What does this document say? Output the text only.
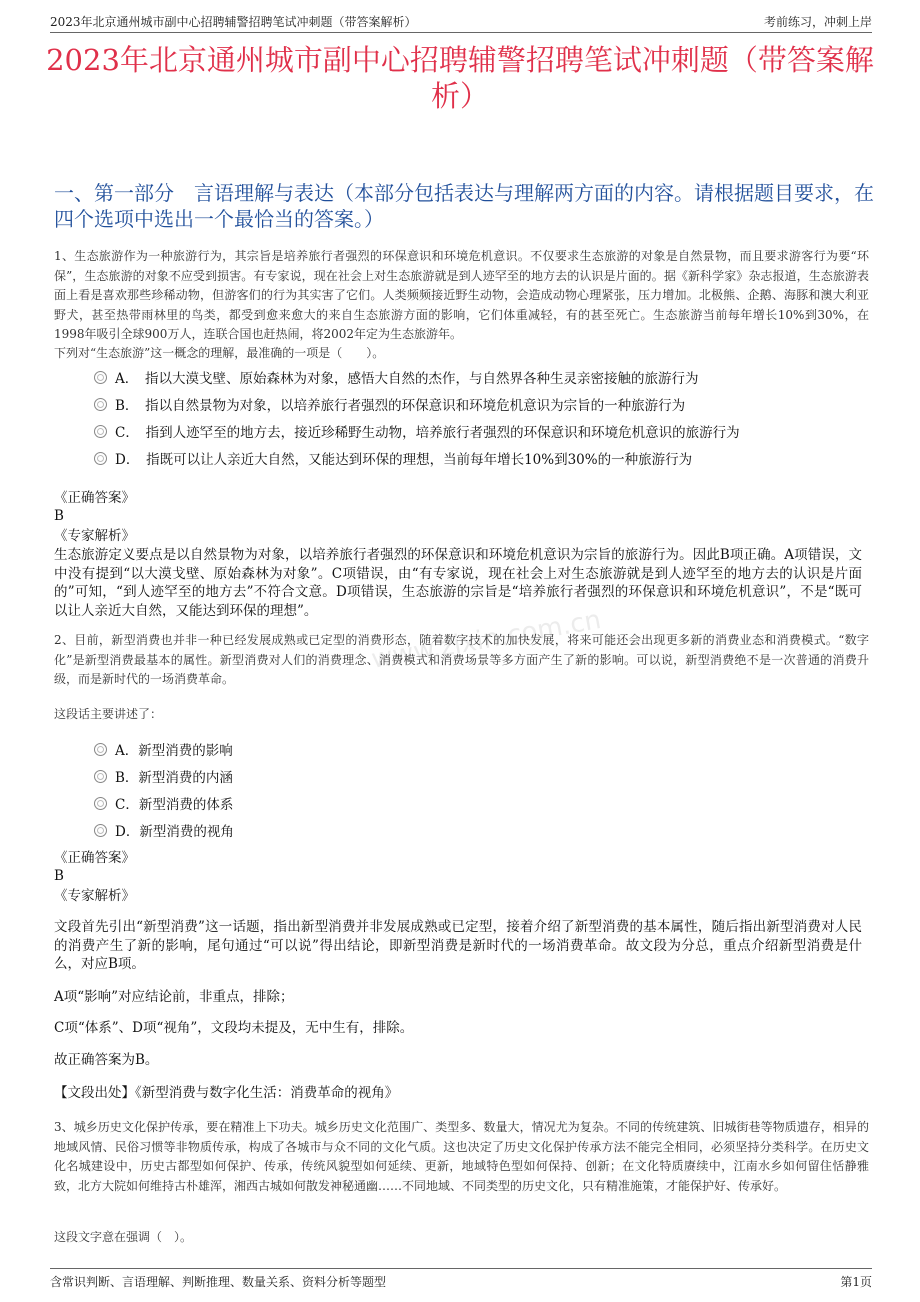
2023年北京通州城市副中心招聘辅警招聘笔试冲刺题（带答案解析）	考前练习，冲刺上岸
2023年北京通州城市副中心招聘辅警招聘笔试冲刺题（带答案解析）
一、第一部分　言语理解与表达（本部分包括表达与理解两方面的内容。请根据题目要求，在四个选项中选出一个最恰当的答案。）
1、生态旅游作为一种旅游行为，其宗旨是培养旅行者强烈的环保意识和环境危机意识。不仅要求生态旅游的对象是自然景物，而且要求游客行为要“环保”，生态旅游的对象不应受到损害。有专家说，现在社会上对生态旅游就是到人迹罕至的地方去的认识是片面的。据《新科学家》杂志报道，生态旅游表面上看是喜欢那些珍稀动物，但游客们的行为其实害了它们。人类频频接近野生动物，会造成动物心理紧张，压力增加。北极熊、企鹅、海豚和澳大利亚野犬，甚至热带雨林里的鸟类，都受到愈来愈大的来自生态旅游方面的影响，它们体重减轻，有的甚至死亡。生态旅游当前每年增长10%到30%，在1998年吸引全球900万人，连联合国也赶热闹，将2002年定为生态旅游年。
下列对“生态旅游”这一概念的理解，最准确的一项是（　　）。
A．　指以大漠戈壁、原始森林为对象，感悟大自然的杰作，与自然界各种生灵亲密接触的旅游行为
B．　指以自然景物为对象，以培养旅行者强烈的环保意识和环境危机意识为宗旨的一种旅游行为
C．　指到人迹罕至的地方去，接近珍稀野生动物，培养旅行者强烈的环保意识和环境危机意识的旅游行为
D．　指既可以让人亲近大自然，又能达到环保的理想，当前每年增长10%到30%的一种旅游行为
《正确答案》
B
《专家解析》
生态旅游定义要点是以自然景物为对象，以培养旅行者强烈的环保意识和环境危机意识为宗旨的旅游行为。因此B项正确。A项错误，文中没有提到“以大漠戈壁、原始森林为对象”。C项错误，由“有专家说，现在社会上对生态旅游就是到人迹罕至的地方去的认识是片面的”可知，“到人迹罕至的地方去”不符合文意。D项错误，生态旅游的宗旨是“培养旅行者强烈的环保意识和环境危机意识”，不是“既可以让人亲近大自然，又能达到环保的理想”。	www.zixin.com.cn
2、目前，新型消费也并非一种已经发展成熟或已定型的消费形态，随着数字技术的加快发展，将来可能还会出现更多新的消费业态和消费模式。“数字化”是新型消费最基本的属性。新型消费对人们的消费理念、消费模式和消费场景等多方面产生了新的影响。可以说，新型消费绝不是一次普通的消费升级，而是新时代的一场消费革命。
这段话主要讲述了：
A．新型消费的影响
B．新型消费的内涵
C．新型消费的体系
D．新型消费的视角
《正确答案》
B
《专家解析》
文段首先引出“新型消费”这一话题，指出新型消费并非发展成熟或已定型，接着介绍了新型消费的基本属性，随后指出新型消费对人民的消费产生了新的影响，尾句通过“可以说”得出结论，即新型消费是新时代的一场消费革命。故文段为分总，重点介绍新型消费是什么，对应B项。
A项“影响”对应结论前，非重点，排除；
C项“体系”、D项“视角”，文段均未提及，无中生有，排除。
故正确答案为B。
【文段出处】《新型消费与数字化生活：消费革命的视角》
3、城乡历史文化保护传承，要在精准上下功夫。城乡历史文化范围广、类型多、数量大，情况尤为复杂。不同的传统建筑、旧城街巷等物质遗存，相异的地域风情、民俗习惯等非物质传承，构成了各城市与众不同的文化气质。这也决定了历史文化保护传承方法不能完全相同，必须坚持分类科学。在历史文化名城建设中，历史古都型如何保护、传承，传统风貌型如何延续、更新，地域特色型如何保持、创新；在文化特质赓续中，江南水乡如何留住恬静雅致，北方大院如何维持古朴雄浑，湘西古城如何散发神秘通幽……不同地域、不同类型的历史文化，只有精准施策，才能保护好、传承好。
这段文字意在强调（　）。
含常识判断、言语理解、判断推理、数量关系、资料分析等题型	第1页
